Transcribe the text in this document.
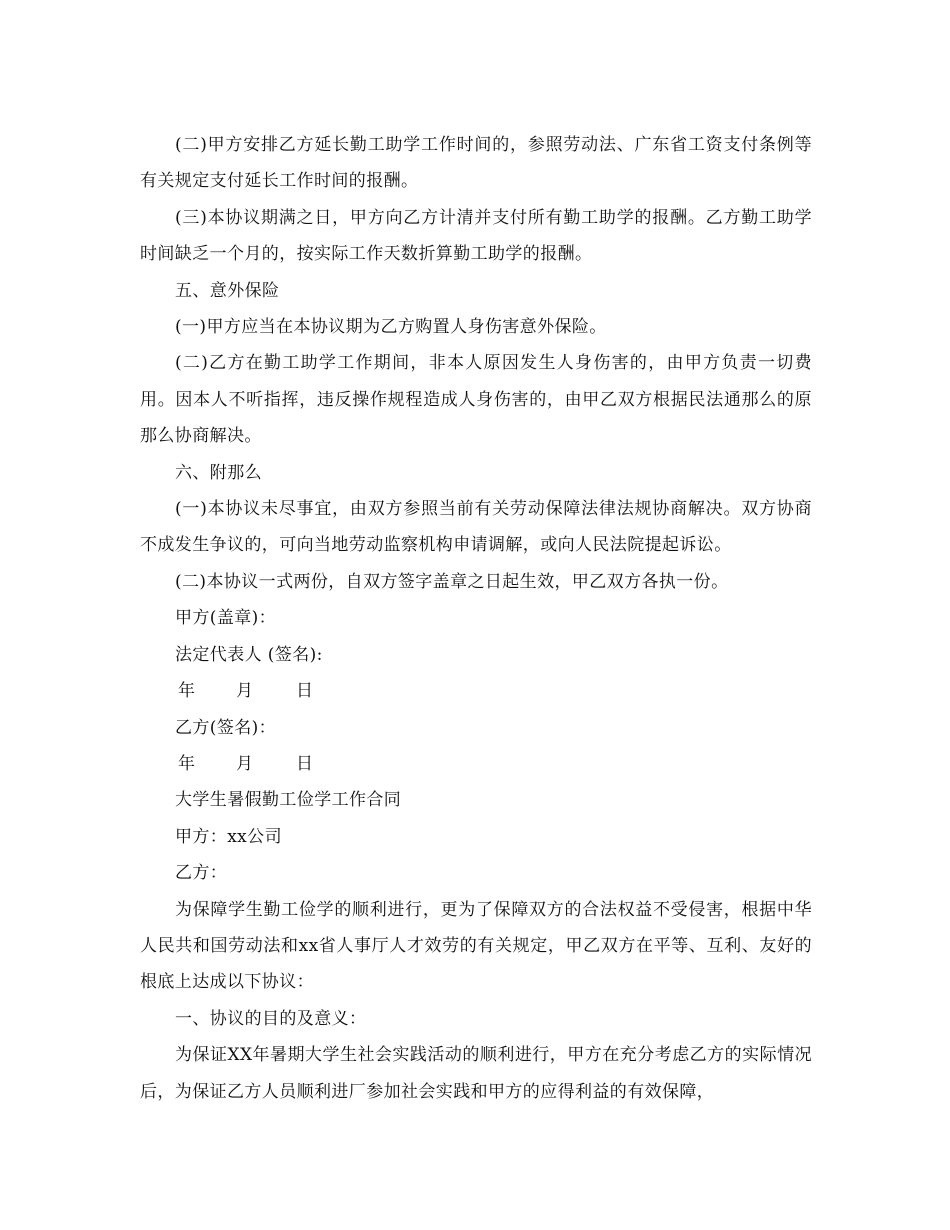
(二)甲方安排乙方延长勤工助学工作时间的，参照劳动法、广东省工资支付条例等有关规定支付延长工作时间的报酬。

(三)本协议期满之日，甲方向乙方计清并支付所有勤工助学的报酬。乙方勤工助学时间缺乏一个月的，按实际工作天数折算勤工助学的报酬。

五、意外保险

(一)甲方应当在本协议期为乙方购置人身伤害意外保险。

(二)乙方在勤工助学工作期间，非本人原因发生人身伤害的，由甲方负责一切费用。因本人不听指挥，违反操作规程造成人身伤害的，由甲乙双方根据民法通那么的原那么协商解决。

六、附那么

(一)本协议未尽事宜，由双方参照当前有关劳动保障法律法规协商解决。双方协商不成发生争议的，可向当地劳动监察机构申请调解，或向人民法院提起诉讼。

(二)本协议一式两份，自双方签字盖章之日起生效，甲乙双方各执一份。

甲方(盖章)：

法定代表人 (签名):

年 月	日

乙方(签名)：

年 月	日

大学生暑假勤工俭学工作合同

甲方：xx公司

乙方：

为保障学生勤工俭学的顺利进行，更为了保障双方的合法权益不受侵害，根据中华人民共和国劳动法和xx省人事厅人才效劳的有关规定，甲乙双方在平等、互利、友好的根底上达成以下协议：

一、协议的目的及意义：

为保证XX年暑期大学生社会实践活动的顺利进行，甲方在充分考虑乙方的实际情况后，为保证乙方人员顺利进厂参加社会实践和甲方的应得利益的有效保障，
